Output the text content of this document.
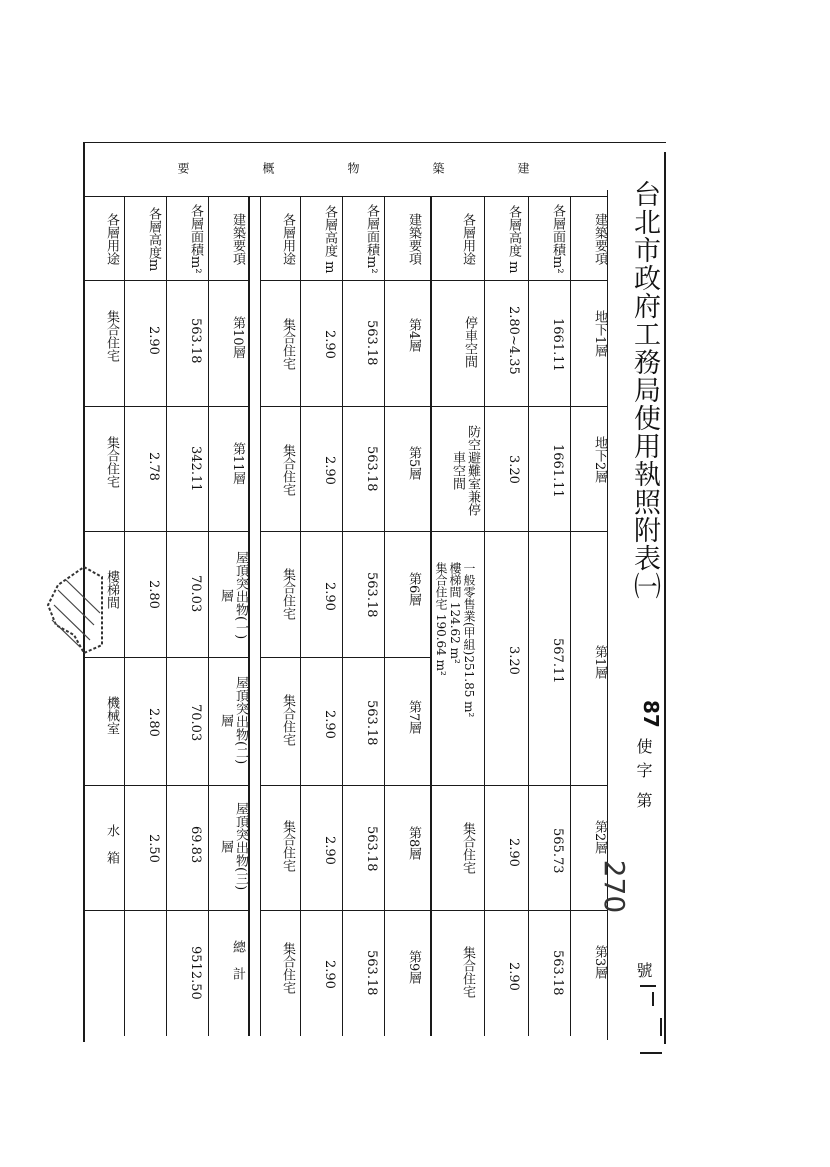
台北市政府工務局使用執照附表㈠
87
使
字
第
270
號
建
築
物
概
要
建築要項
各層面積m²
各層高度 m
各層用途
地下1層
1661.11
2.80~4.35
停車空間
地下2層
1661.11
3.20
防空避難室兼停車空間
第1層
567.11
3.20
一般零售業(甲組)251.85 m²
樓梯間 124.62 m²
集合住宅 190.64 m²
第2層
565.73
2.90
集合住宅
第3層
563.18
2.90
集合住宅
建築要項
各層面積m²
各層高度 m
各層用途
第4層
563.18
2.90
集合住宅
第5層
563.18
2.90
集合住宅
第6層
563.18
2.90
集合住宅
第7層
563.18
2.90
集合住宅
第8層
563.18
2.90
集合住宅
第9層
563.18
2.90
集合住宅
建築要項
各層面積m²
各層高度m
各層用途
第10層
563.18
2.90
集合住宅
第11層
342.11
2.78
集合住宅
屋頂突出物(一)層
70.03
2.80
樓梯間
屋頂突出物(二)層
70.03
2.80
機械室
屋頂突出物(三)層
69.83
2.50
水箱
總計
9512.50
